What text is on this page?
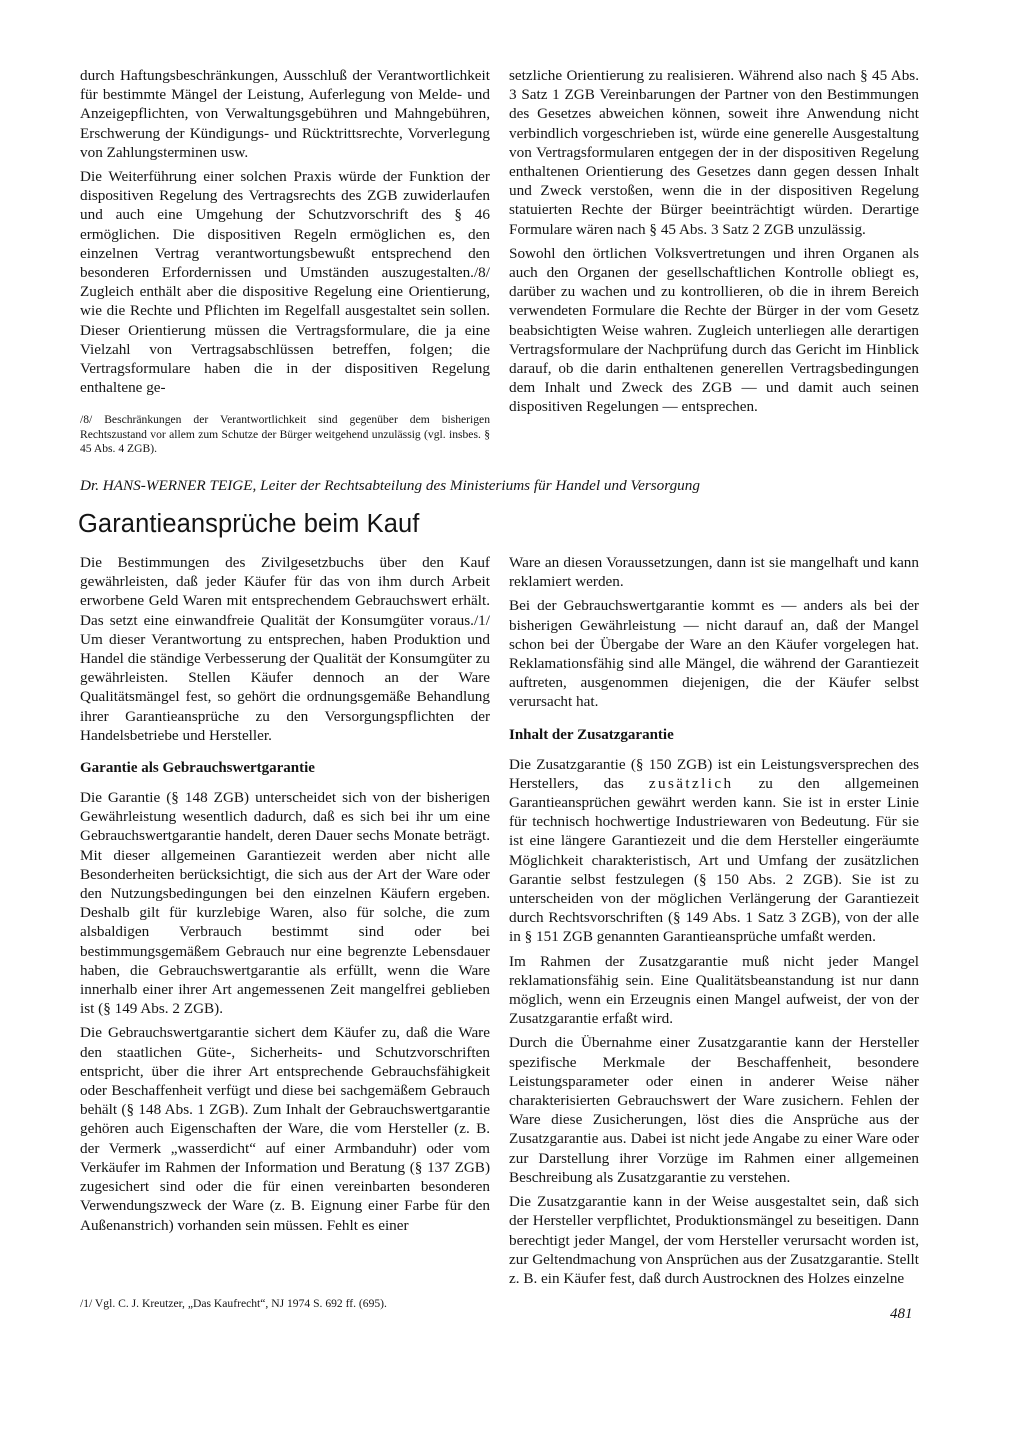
durch Haftungsbeschränkungen, Ausschluß der Verantwortlichkeit für bestimmte Mängel der Leistung, Auferlegung von Melde- und Anzeigepflichten, von Verwaltungsgebühren und Mahngebühren, Erschwerung der Kündigungs- und Rücktrittsrechte, Vorverlegung von Zahlungsterminen usw.

Die Weiterführung einer solchen Praxis würde der Funktion der dispositiven Regelung des Vertragsrechts des ZGB zuwiderlaufen und auch eine Umgehung der Schutzvorschrift des § 46 ermöglichen. Die dispositiven Regeln ermöglichen es, den einzelnen Vertrag verantwortungsbewußt entsprechend den besonderen Erfordernissen und Umständen auszugestalten./8/ Zugleich enthält aber die dispositive Regelung eine Orientierung, wie die Rechte und Pflichten im Regelfall ausgestaltet sein sollen. Dieser Orientierung müssen die Vertragsformulare, die ja eine Vielzahl von Vertragsabschlüssen betreffen, folgen; die Vertragsformulare haben die in der dispositiven Regelung enthaltene ge-

setzliche Orientierung zu realisieren. Während also nach § 45 Abs. 3 Satz 1 ZGB Vereinbarungen der Partner von den Bestimmungen des Gesetzes abweichen können, soweit ihre Anwendung nicht verbindlich vorgeschrieben ist, würde eine generelle Ausgestaltung von Vertragsformularen entgegen der in der dispositiven Regelung enthaltenen Orientierung des Gesetzes dann gegen dessen Inhalt und Zweck verstoßen, wenn die in der dispositiven Regelung statuierten Rechte der Bürger beeinträchtigt würden. Derartige Formulare wären nach § 45 Abs. 3 Satz 2 ZGB unzulässig.

Sowohl den örtlichen Volksvertretungen und ihren Organen als auch den Organen der gesellschaftlichen Kontrolle obliegt es, darüber zu wachen und zu kontrollieren, ob die in ihrem Bereich verwendeten Formulare die Rechte der Bürger in der vom Gesetz beabsichtigten Weise wahren. Zugleich unterliegen alle derartigen Vertragsformulare der Nachprüfung durch das Gericht im Hinblick darauf, ob die darin enthaltenen generellen Vertragsbedingungen dem Inhalt und Zweck des ZGB — und damit auch seinen dispositiven Regelungen — entsprechen.

/8/ Beschränkungen der Verantwortlichkeit sind gegenüber dem bisherigen Rechtszustand vor allem zum Schutze der Bürger weitgehend unzulässig (vgl. insbes. § 45 Abs. 4 ZGB).

Dr. HANS-WERNER TEIGE, Leiter der Rechtsabteilung des Ministeriums für Handel und Versorgung
Garantieansprüche beim Kauf

Die Bestimmungen des Zivilgesetzbuchs über den Kauf gewährleisten, daß jeder Käufer für das von ihm durch Arbeit erworbene Geld Waren mit entsprechendem Gebrauchswert erhält. Das setzt eine einwandfreie Qualität der Konsumgüter voraus./1/ Um dieser Verantwortung zu entsprechen, haben Produktion und Handel die ständige Verbesserung der Qualität der Konsumgüter zu gewährleisten. Stellen Käufer dennoch an der Ware Qualitätsmängel fest, so gehört die ordnungsgemäße Behandlung ihrer Garantieansprüche zu den Versorgungspflichten der Handelsbetriebe und Hersteller.

Garantie als Gebrauchswertgarantie

Die Garantie (§ 148 ZGB) unterscheidet sich von der bisherigen Gewährleistung wesentlich dadurch, daß es sich bei ihr um eine Gebrauchswertgarantie handelt, deren Dauer sechs Monate beträgt. Mit dieser allgemeinen Garantiezeit werden aber nicht alle Besonderheiten berücksichtigt, die sich aus der Art der Ware oder den Nutzungsbedingungen bei den einzelnen Käufern ergeben. Deshalb gilt für kurzlebige Waren, also für solche, die zum alsbaldigen Verbrauch bestimmt sind oder bei bestimmungsgemäßem Gebrauch nur eine begrenzte Lebensdauer haben, die Gebrauchswertgarantie als erfüllt, wenn die Ware innerhalb einer ihrer Art angemessenen Zeit mangelfrei geblieben ist (§ 149 Abs. 2 ZGB).

Die Gebrauchswertgarantie sichert dem Käufer zu, daß die Ware den staatlichen Güte-, Sicherheits- und Schutzvorschriften entspricht, über die ihrer Art entsprechende Gebrauchsfähigkeit oder Beschaffenheit verfügt und diese bei sachgemäßem Gebrauch behält (§ 148 Abs. 1 ZGB). Zum Inhalt der Gebrauchswertgarantie gehören auch Eigenschaften der Ware, die vom Hersteller (z. B. der Vermerk „wasserdicht“ auf einer Armbanduhr) oder vom Verkäufer im Rahmen der Information und Beratung (§ 137 ZGB) zugesichert sind oder die für einen vereinbarten besonderen Verwendungszweck der Ware (z. B. Eignung einer Farbe für den Außenanstrich) vorhanden sein müssen. Fehlt es einer

Ware an diesen Voraussetzungen, dann ist sie mangelhaft und kann reklamiert werden.

Bei der Gebrauchswertgarantie kommt es — anders als bei der bisherigen Gewährleistung — nicht darauf an, daß der Mangel schon bei der Übergabe der Ware an den Käufer vorgelegen hat. Reklamationsfähig sind alle Mängel, die während der Garantiezeit auftreten, ausgenommen diejenigen, die der Käufer selbst verursacht hat.

Inhalt der Zusatzgarantie

Die Zusatzgarantie (§ 150 ZGB) ist ein Leistungsversprechen des Herstellers, das zusätzlich zu den allgemeinen Garantieansprüchen gewährt werden kann. Sie ist in erster Linie für technisch hochwertige Industriewaren von Bedeutung. Für sie ist eine längere Garantiezeit und die dem Hersteller eingeräumte Möglichkeit charakteristisch, Art und Umfang der zusätzlichen Garantie selbst festzulegen (§ 150 Abs. 2 ZGB). Sie ist zu unterscheiden von der möglichen Verlängerung der Garantiezeit durch Rechtsvorschriften (§ 149 Abs. 1 Satz 3 ZGB), von der alle in § 151 ZGB genannten Garantieansprüche umfaßt werden.

Im Rahmen der Zusatzgarantie muß nicht jeder Mangel reklamationsfähig sein. Eine Qualitätsbeanstandung ist nur dann möglich, wenn ein Erzeugnis einen Mangel aufweist, der von der Zusatzgarantie erfaßt wird.

Durch die Übernahme einer Zusatzgarantie kann der Hersteller spezifische Merkmale der Beschaffenheit, besondere Leistungsparameter oder einen in anderer Weise näher charakterisierten Gebrauchswert der Ware zusichern. Fehlen der Ware diese Zusicherungen, löst dies die Ansprüche aus der Zusatzgarantie aus. Dabei ist nicht jede Angabe zu einer Ware oder zur Darstellung ihrer Vorzüge im Rahmen einer allgemeinen Beschreibung als Zusatzgarantie zu verstehen.

Die Zusatzgarantie kann in der Weise ausgestaltet sein, daß sich der Hersteller verpflichtet, Produktionsmängel zu beseitigen. Dann berechtigt jeder Mangel, der vom Hersteller verursacht worden ist, zur Geltendmachung von Ansprüchen aus der Zusatzgarantie. Stellt z. B. ein Käufer fest, daß durch Austrocknen des Holzes einzelne

/1/ Vgl. C. J. Kreutzer, „Das Kaufrecht“, NJ 1974 S. 692 ff. (695).

481
